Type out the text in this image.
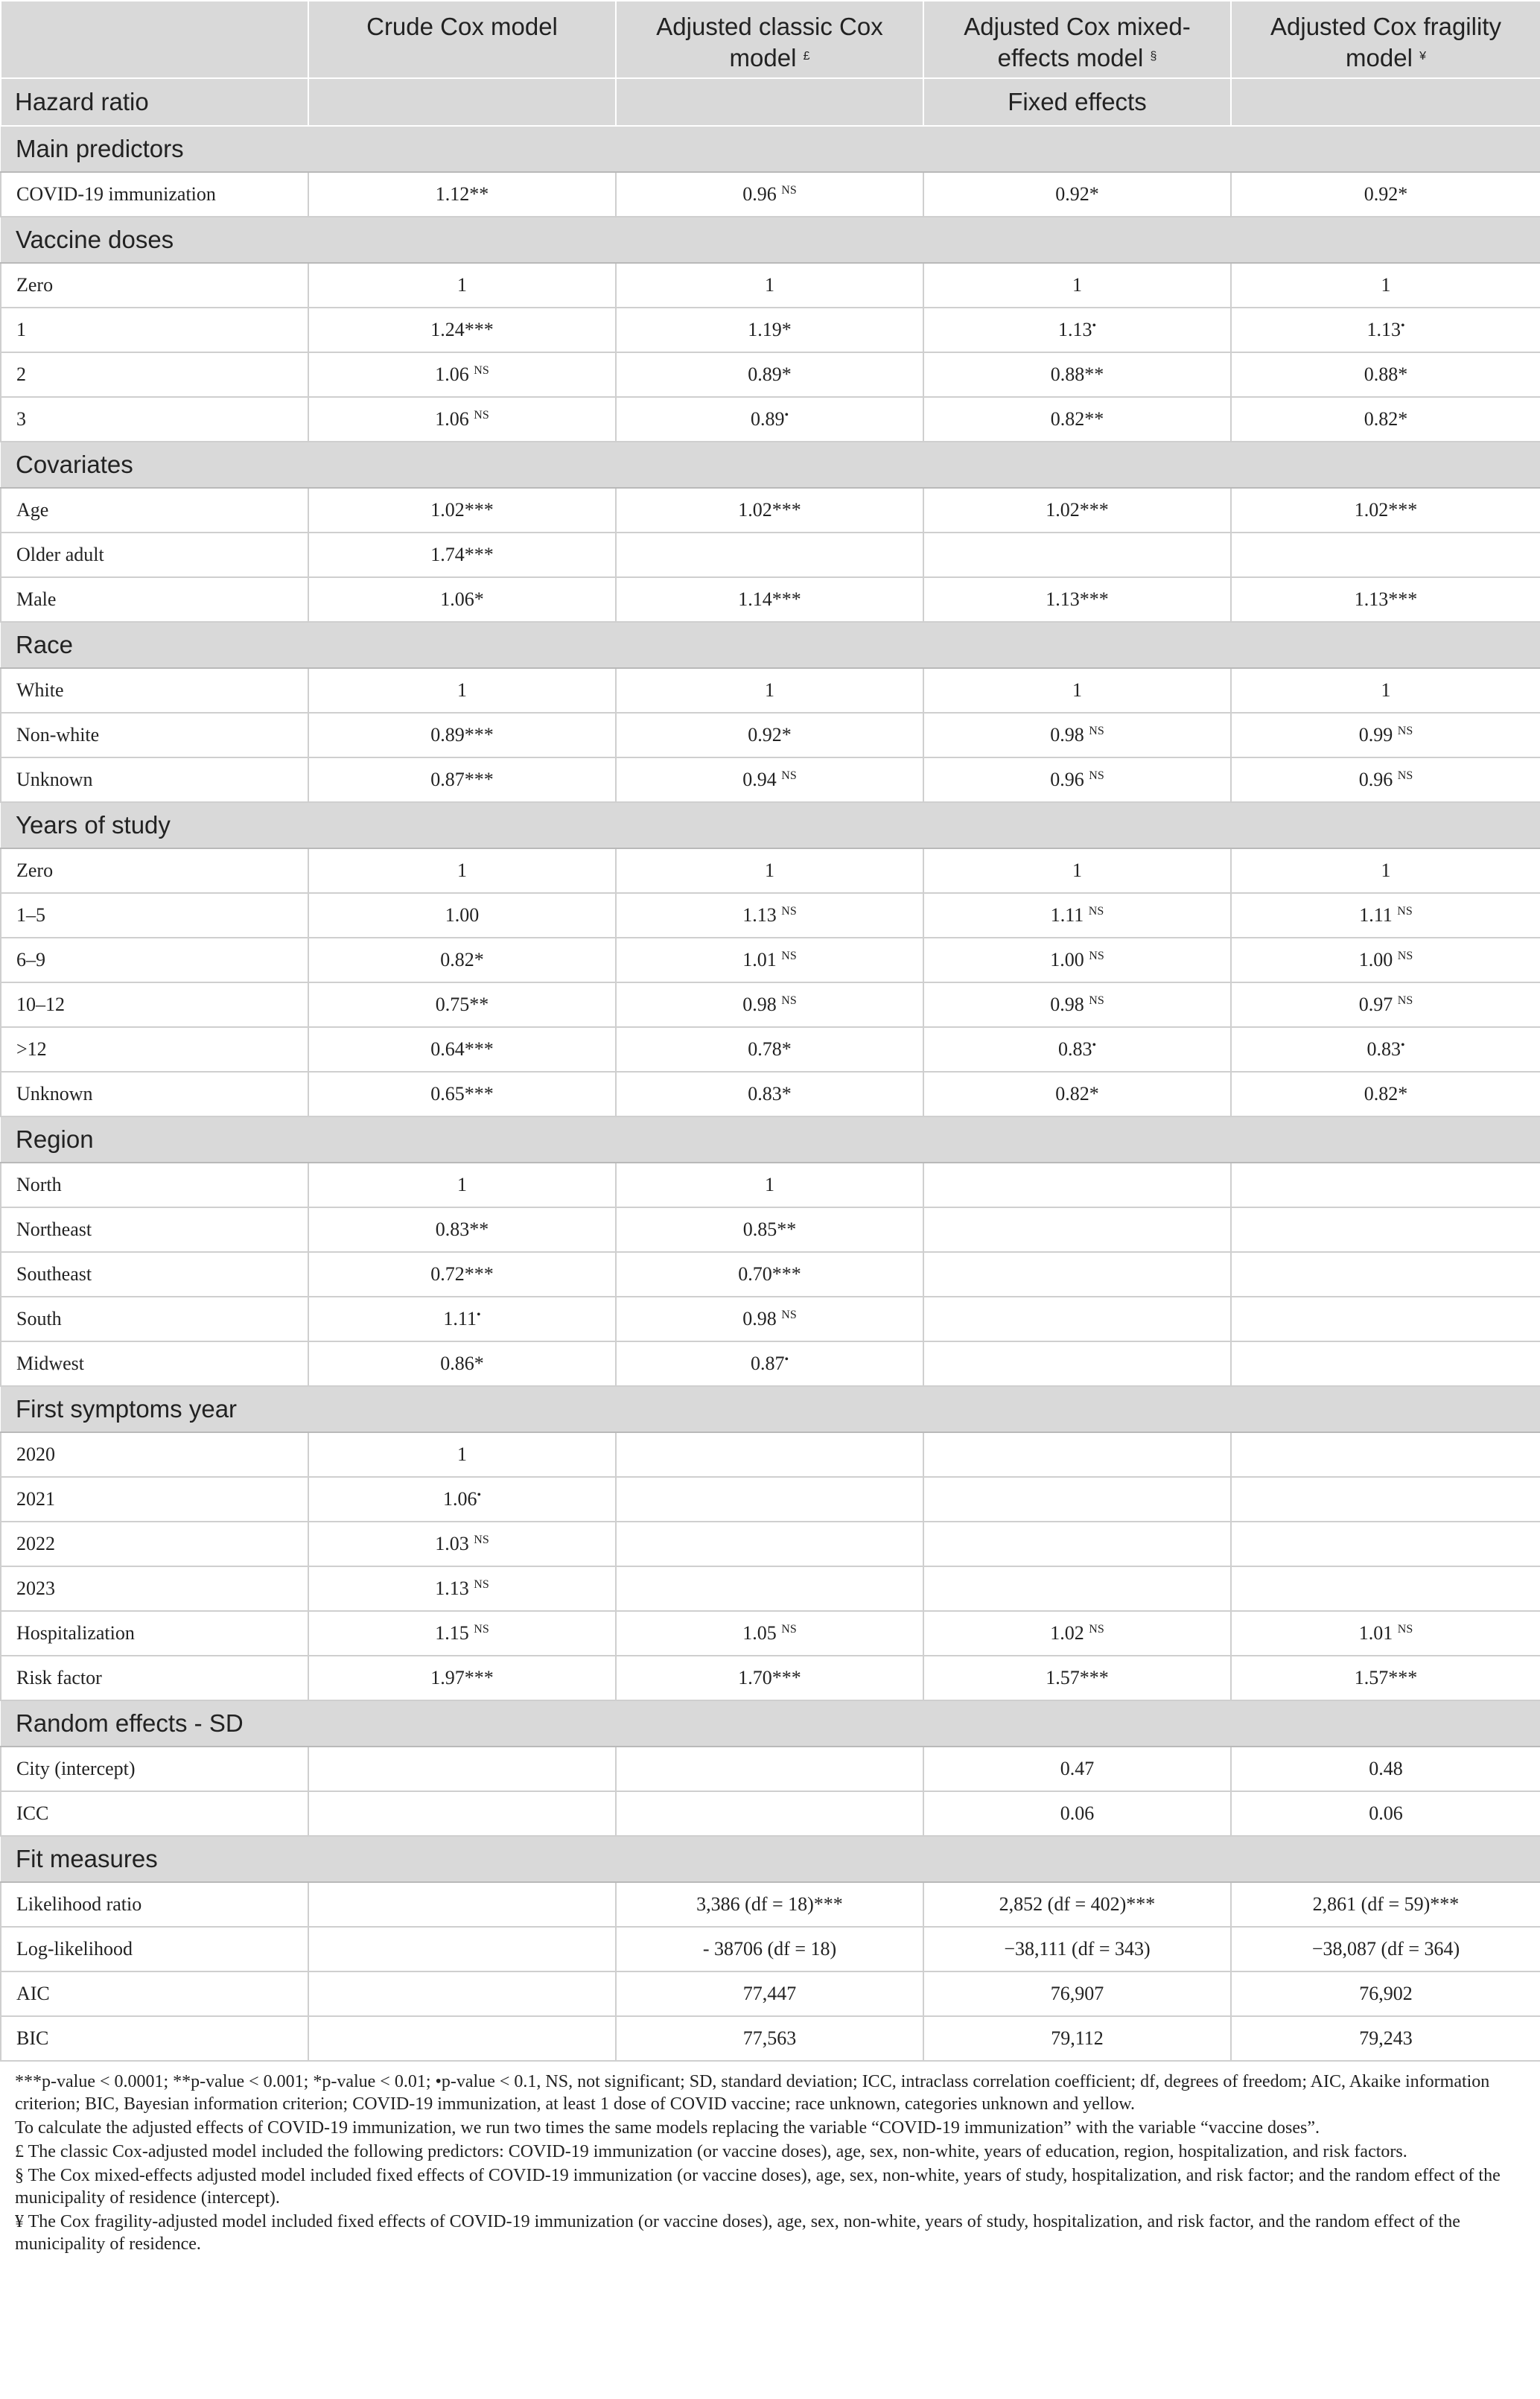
	Crude Cox model	Adjusted classic Cox model £	Adjusted Cox mixed-effects model §	Adjusted Cox fragility model ¥
Hazard ratio			Fixed effects	
Main predictors				
COVID-19 immunization	1.12**	0.96 $^{NS}$	0.92*	0.92*
Vaccine doses				
Zero	1	1	1	1
1	1.24***	1.19*	1.13•	1.13•
2	1.06 $^{NS}$	0.89*	0.88**	0.88*
3	1.06 $^{NS}$	0.89•	0.82**	0.82*
Covariates				
Age	1.02***	1.02***	1.02***	1.02***
Older adult	1.74***			
Male	1.06*	1.14***	1.13***	1.13***
Race				
White	1	1	1	1
Non-white	0.89***	0.92*	0.98 $^{NS}$	0.99 $^{NS}$
Unknown	0.87***	0.94 $^{NS}$	0.96 $^{NS}$	0.96 $^{NS}$
Years of study				
Zero	1	1	1	1
1–5	1.00	1.13 $^{NS}$	1.11 $^{NS}$	1.11 $^{NS}$
6–9	0.82*	1.01 $^{NS}$	1.00 $^{NS}$	1.00 $^{NS}$
10–12	0.75**	0.98 $^{NS}$	0.98 $^{NS}$	0.97 $^{NS}$
>12	0.64***	0.78*	0.83•	0.83•
Unknown	0.65***	0.83*	0.82*	0.82*
Region				
North	1	1		
Northeast	0.83**	0.85**		
Southeast	0.72***	0.70***		
South	1.11•	0.98 $^{NS}$		
Midwest	0.86*	0.87•		
First symptoms year				
2020	1			
2021	1.06•			
2022	1.03 $^{NS}$			
2023	1.13 $^{NS}$			
Hospitalization	1.15 $^{NS}$	1.05 $^{NS}$	1.02 $^{NS}$	1.01 $^{NS}$
Risk factor	1.97***	1.70***	1.57***	1.57***
Random effects - SD				
City (intercept)			0.47	0.48
ICC			0.06	0.06
Fit measures				
Likelihood ratio		3,386 (df = 18)***	2,852 (df = 402)***	2,861 (df = 59)***
Log-likelihood		- 38706 (df = 18)	−38,111 (df = 343)	−38,087 (df = 364)
AIC		77,447	76,907	76,902
BIC		77,563	79,112	79,243

***p-value < 0.0001; **p-value < 0.001; *p-value < 0.01; •p-value < 0.1, NS, not significant; SD, standard deviation; ICC, intraclass correlation coefficient; df, degrees of freedom; AIC, Akaike information criterion; BIC, Bayesian information criterion; COVID-19 immunization, at least 1 dose of COVID vaccine; race unknown, categories unknown and yellow.

To calculate the adjusted effects of COVID-19 immunization, we run two times the same models replacing the variable “COVID-19 immunization” with the variable “vaccine doses”.

£ The classic Cox-adjusted model included the following predictors: COVID-19 immunization (or vaccine doses), age, sex, non-white, years of education, region, hospitalization, and risk factors.

§ The Cox mixed-effects adjusted model included fixed effects of COVID-19 immunization (or vaccine doses), age, sex, non-white, years of study, hospitalization, and risk factor; and the random effect of the municipality of residence (intercept).

¥ The Cox fragility-adjusted model included fixed effects of COVID-19 immunization (or vaccine doses), age, sex, non-white, years of study, hospitalization, and risk factor, and the random effect of the municipality of residence.
